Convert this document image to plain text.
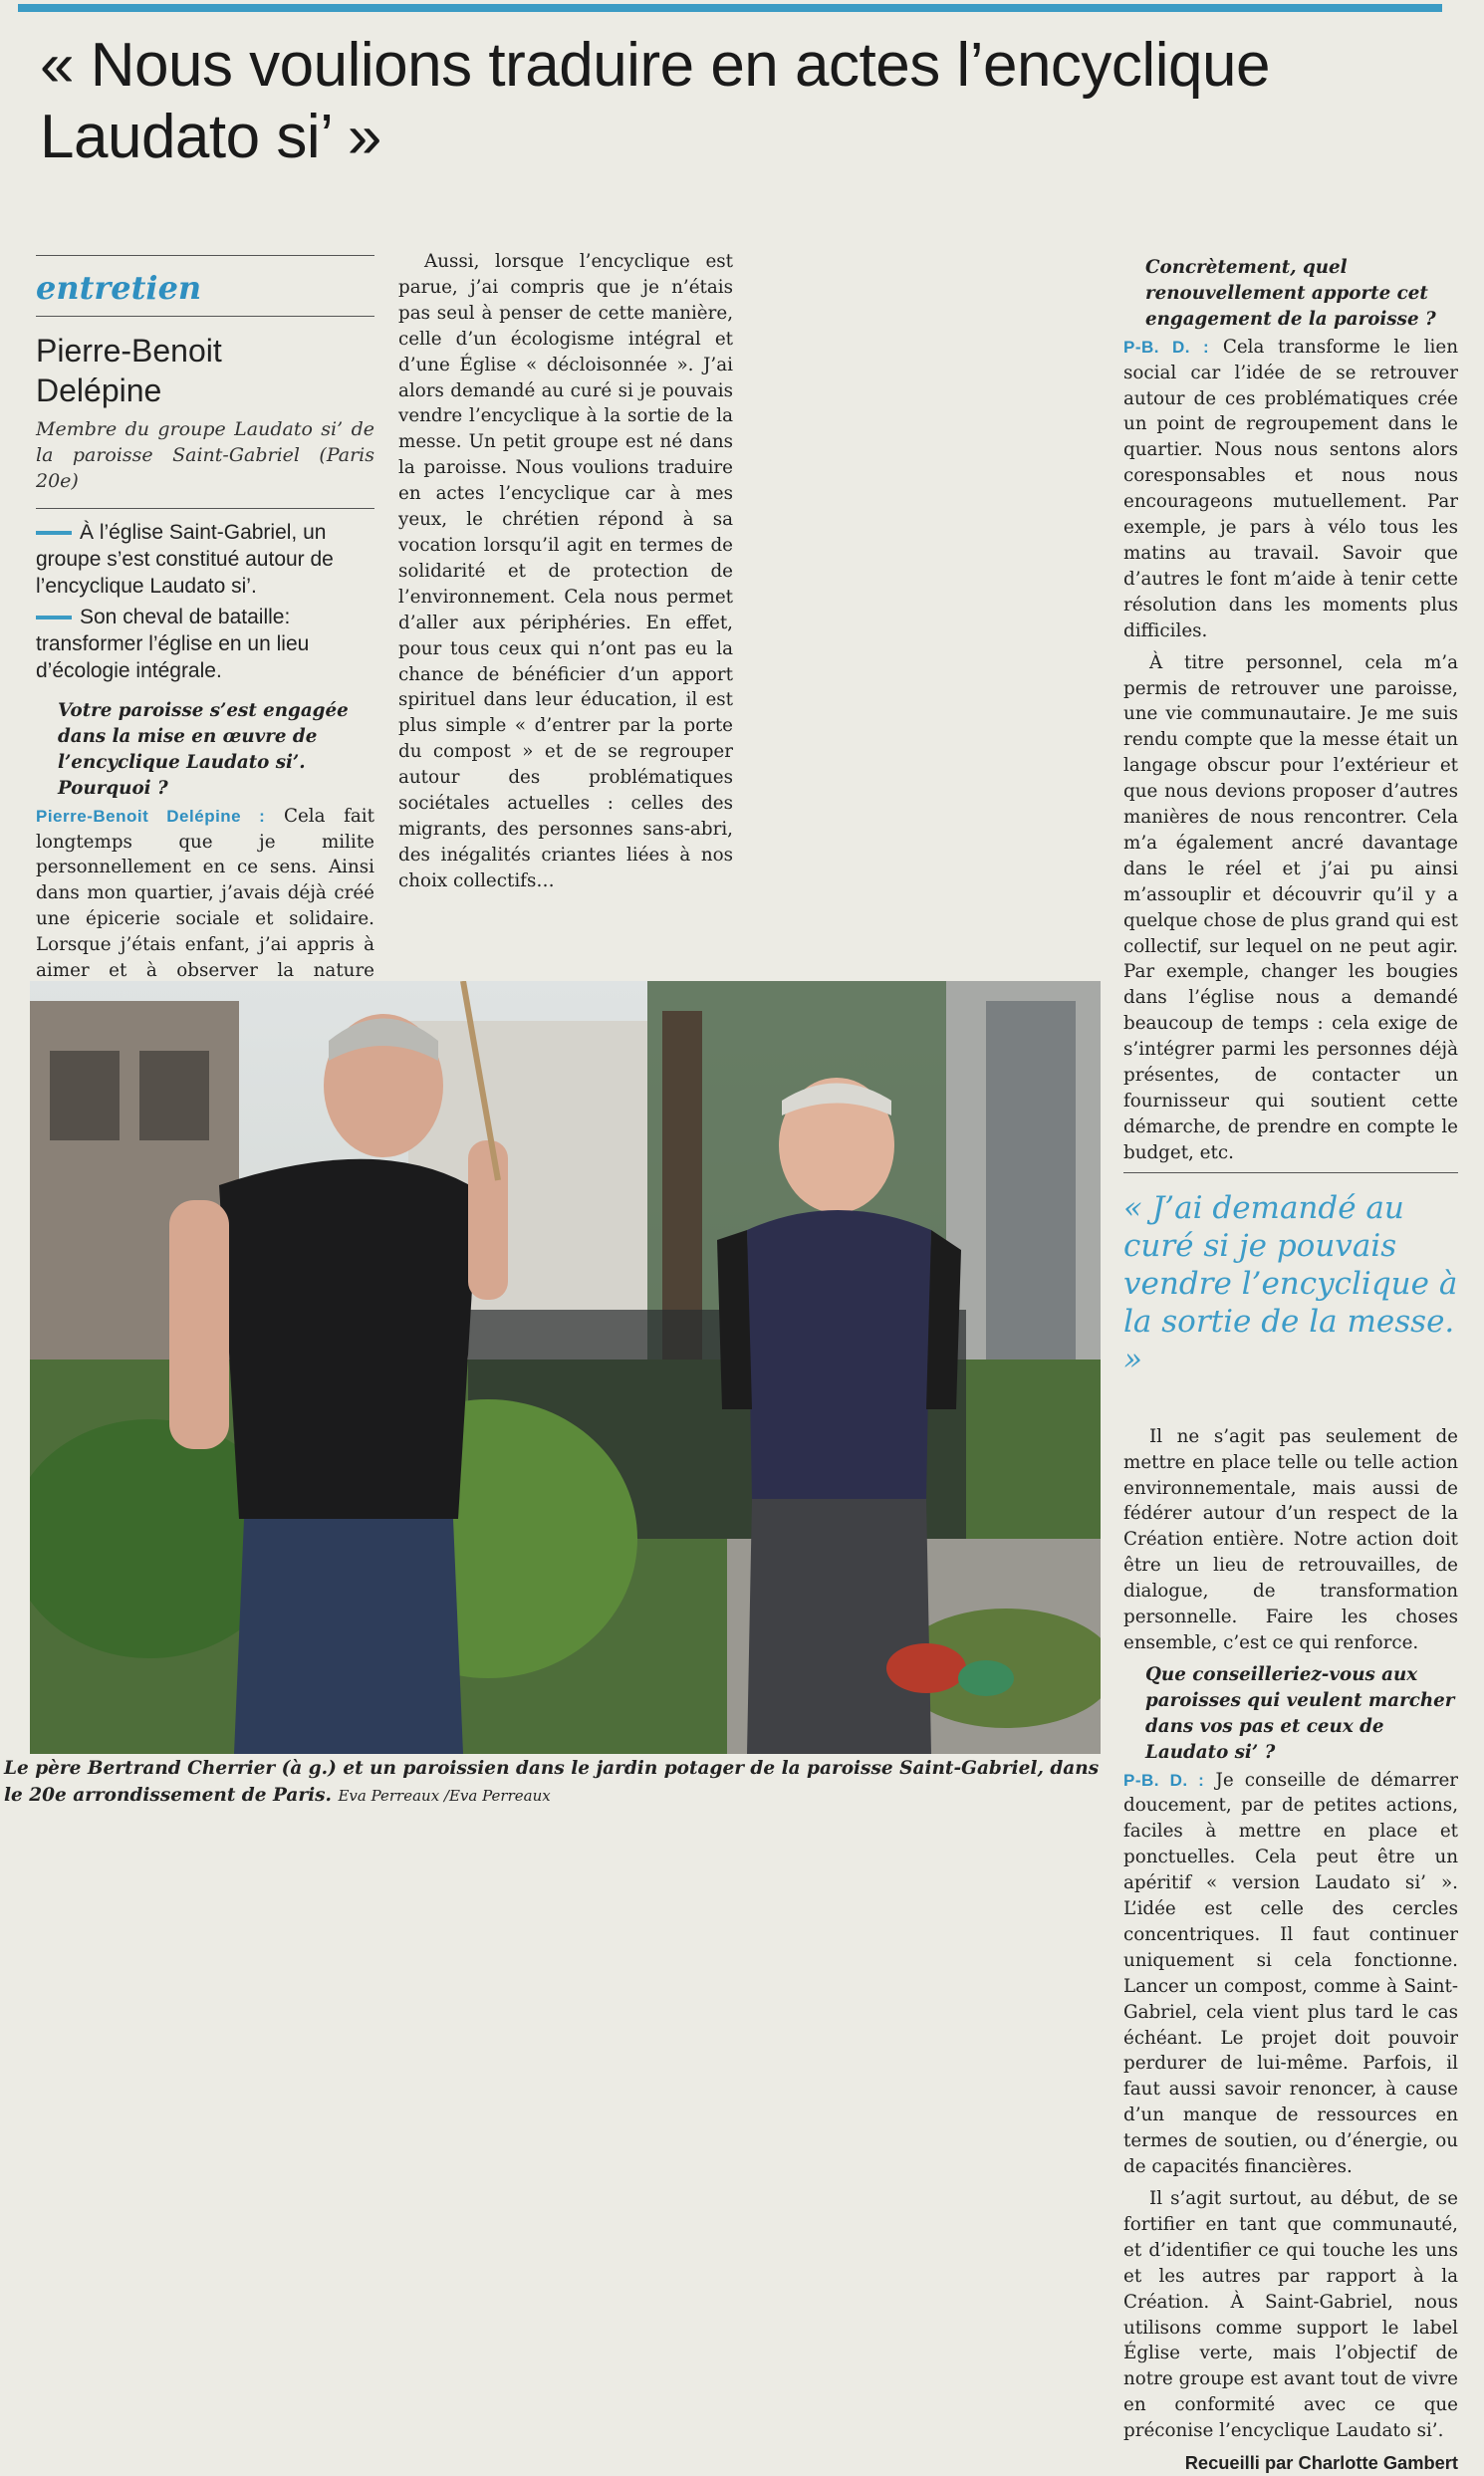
« Nous voulions traduire en actes l’encyclique Laudato si’ »
entretien
Pierre-Benoit
Delépine
Membre du groupe Laudato si’ de la paroisse Saint-Gabriel (Paris 20e)
À l’église Saint-Gabriel, un groupe s’est constitué autour de l’encyclique Laudato si’.
Son cheval de bataille: transformer l’église en un lieu d’écologie intégrale.
Votre paroisse s’est engagée dans la mise en œuvre de l’encyclique Laudato si’. Pourquoi ?

Pierre-Benoit Delépine : Cela fait longtemps que je milite personnellement en ce sens. Ainsi dans mon quartier, j’avais déjà créé une épicerie sociale et solidaire. Lorsque j’étais enfant, j’ai appris à aimer et à observer la nature

Aussi, lorsque l’encyclique est parue, j’ai compris que je n’étais pas seul à penser de cette manière, celle d’un écologisme intégral et d’une Église « décloisonnée ». J’ai alors demandé au curé si je pouvais vendre l’encyclique à la sortie de la messe. Un petit groupe est né dans la paroisse. Nous voulions traduire en actes l’encyclique car à mes yeux, le chrétien répond à sa vocation lorsqu’il agit en termes de solidarité et de protection de l’environnement. Cela nous permet d’aller aux périphéries. En effet, pour tous ceux qui n’ont pas eu la chance de bénéficier d’un apport spirituel dans leur éducation, il est plus simple « d’entrer par la porte du compost » et de se regrouper autour des problématiques sociétales actuelles : celles des migrants, des personnes sans-abri, des inégalités criantes liées à nos choix collectifs…

Concrètement, quel renouvellement apporte cet engagement de la paroisse ?

P-B. D. : Cela transforme le lien social car l’idée de se retrouver autour de ces problématiques crée un point de regroupement dans le quartier. Nous nous sentons alors coresponsables et nous nous encourageons mutuellement. Par exemple, je pars à vélo tous les matins au travail. Savoir que d’autres le font m’aide à tenir cette résolution dans les moments plus difficiles.

À titre personnel, cela m’a permis de retrouver une paroisse, une vie communautaire. Je me suis rendu compte que la messe était un langage obscur pour l’extérieur et que nous devions proposer d’autres manières de nous rencontrer. Cela m’a également ancré davantage dans le réel et j’ai pu ainsi m’assouplir et découvrir qu’il y a quelque chose de plus grand qui est collectif, sur lequel on ne peut agir. Par exemple, changer les bougies dans l’église nous a demandé beaucoup de temps : cela exige de s’intégrer parmi les personnes déjà présentes, de contacter un fournisseur qui soutient cette démarche, de prendre en compte le budget, etc.

« J’ai demandé au curé si je pouvais vendre l’encyclique à la sortie de la messe. »

Il ne s’agit pas seulement de mettre en place telle ou telle action environnementale, mais aussi de fédérer autour d’un respect de la Création entière. Notre action doit être un lieu de retrouvailles, de dialogue, de transformation personnelle. Faire les choses ensemble, c’est ce qui renforce.

Que conseilleriez-vous aux paroisses qui veulent marcher dans vos pas et ceux de Laudato si’ ?

P-B. D. : Je conseille de démarrer doucement, par de petites actions, faciles à mettre en place et ponctuelles. Cela peut être un apéritif « version Laudato si’ ». L’idée est celle des cercles concentriques. Il faut continuer uniquement si cela fonctionne. Lancer un compost, comme à Saint-Gabriel, cela vient plus tard le cas échéant. Le projet doit pouvoir perdurer de lui-même. Parfois, il faut aussi savoir renoncer, à cause d’un manque de ressources en termes de soutien, ou d’énergie, ou de capacités financières.

Il s’agit surtout, au début, de se fortifier en tant que communauté, et d’identifier ce qui touche les uns et les autres par rapport à la Création. À Saint-Gabriel, nous utilisons comme support le label Église verte, mais l’objectif de notre groupe est avant tout de vivre en conformité avec ce que préconise l’encyclique Laudato si’.

Recueilli par Charlotte Gambert

Le père Bertrand Cherrier (à g.) et un paroissien dans le jardin potager de la paroisse Saint-Gabriel, dans le 20e arrondissement de Paris. Eva Perreaux /Eva Perreaux
